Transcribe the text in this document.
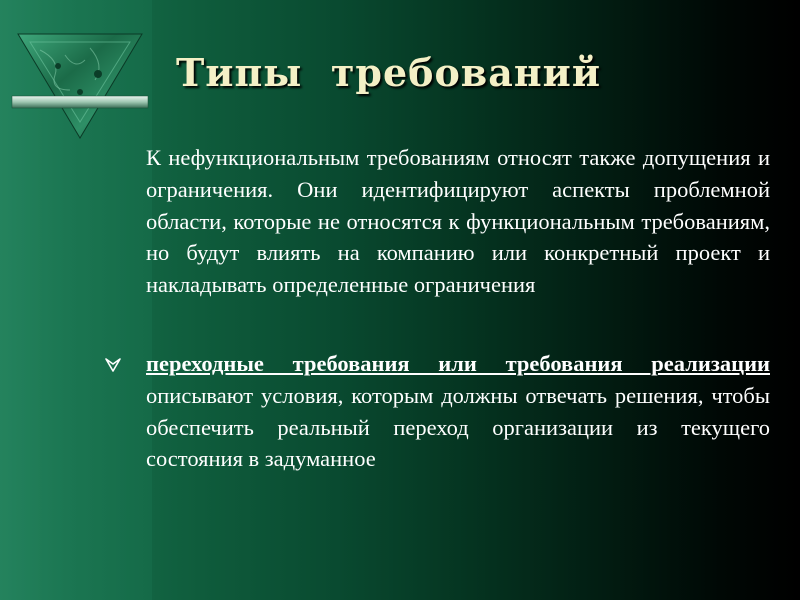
Типы  требований

К нефункциональным требованиям относят также допущения и ограничения. Они идентифицируют аспекты проблемной области, которые не относятся к функциональным требованиям, но будут влиять на компанию или конкретный проект и накладывать определенные ограничения

переходные требования или требования реализации описывают условия, которым должны отвечать решения, чтобы обеспечить реальный переход организации из текущего состояния в задуманное
